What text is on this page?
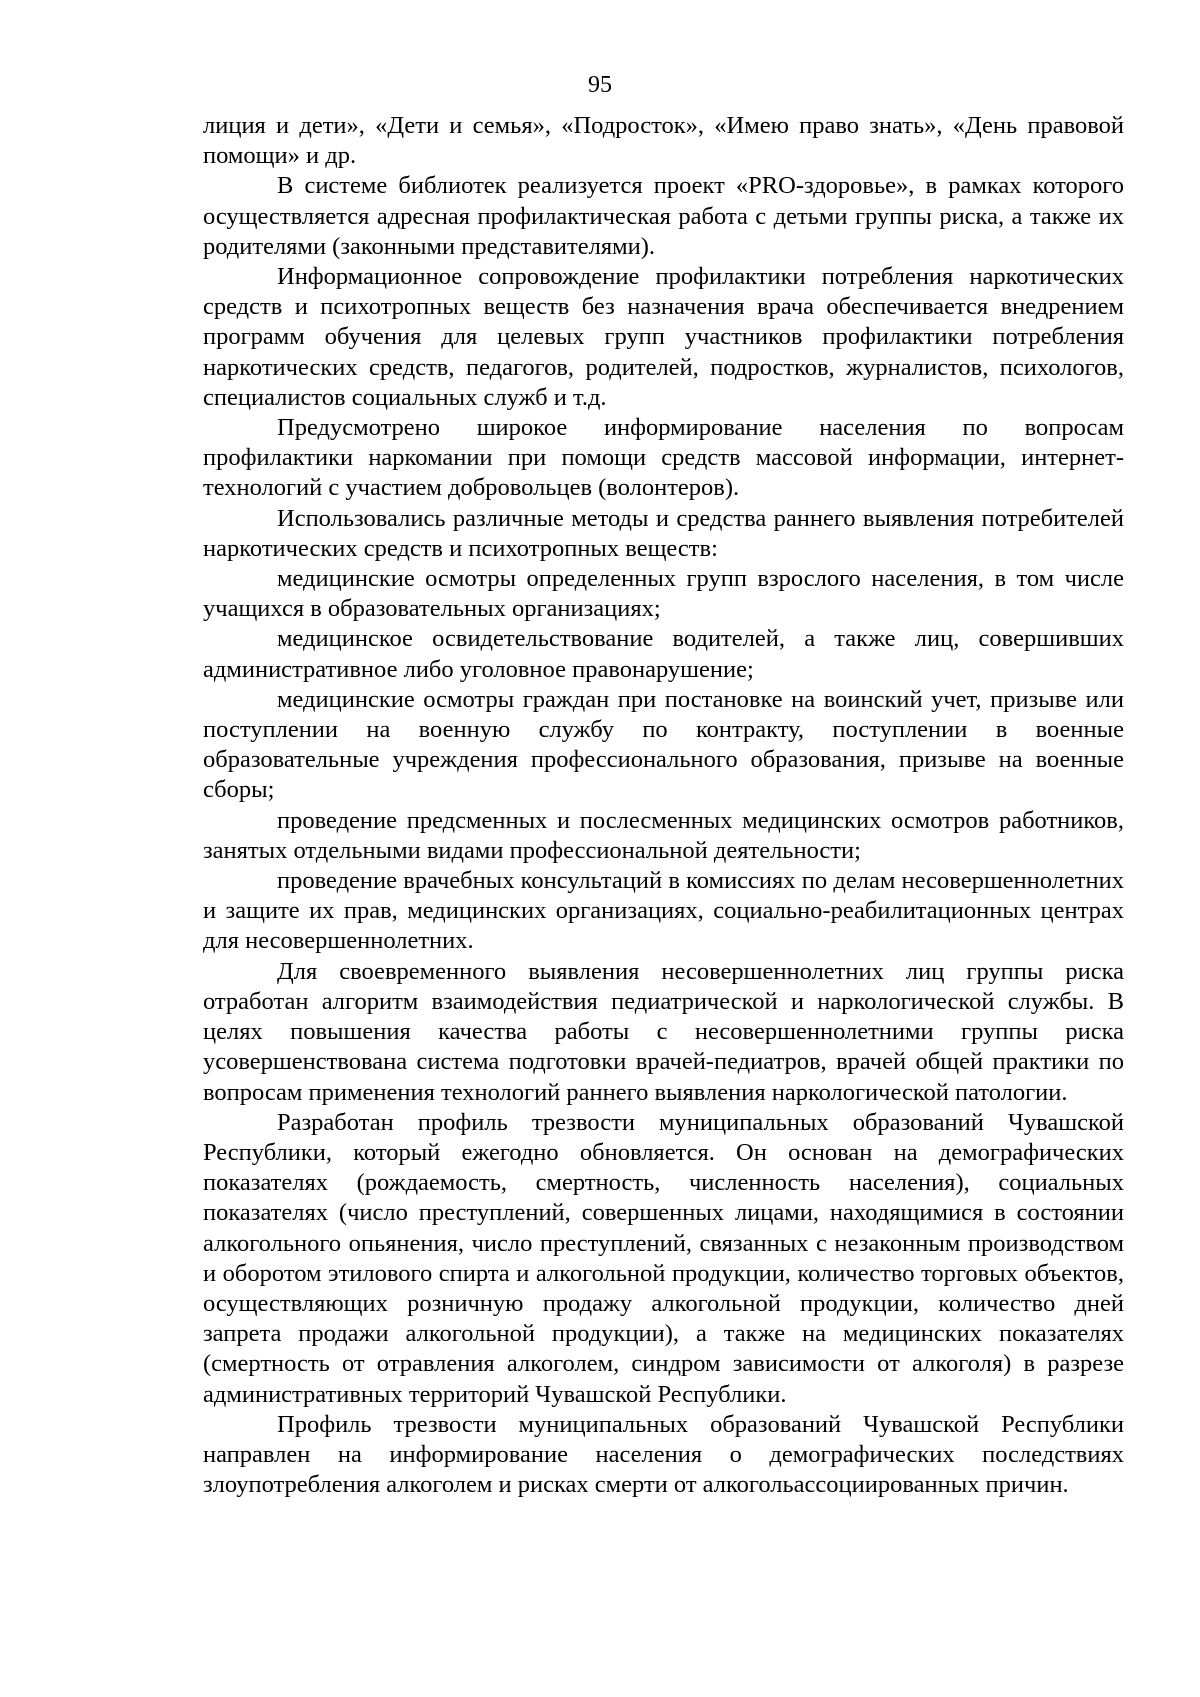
95

лиция и дети», «Дети и семья», «Подросток», «Имею право знать», «День правовой помощи» и др.

В системе библиотек реализуется проект «PRO-здоровье», в рамках которого осуществляется адресная профилактическая работа с детьми группы риска, а также их родителями (законными представителями).

Информационное сопровождение профилактики потребления наркотических средств и психотропных веществ без назначения врача обеспечивается внедрением программ обучения для целевых групп участников профилактики потребления наркотических средств, педагогов, родителей, подростков, журналистов, психологов, специалистов социальных служб и т.д.

Предусмотрено широкое информирование населения по вопросам профилактики наркомании при помощи средств массовой информации, интернет-технологий с участием добровольцев (волонтеров).

Использовались различные методы и средства раннего выявления потребителей наркотических средств и психотропных веществ:

медицинские осмотры определенных групп взрослого населения, в том числе учащихся в образовательных организациях;

медицинское освидетельствование водителей, а также лиц, совершивших административное либо уголовное правонарушение;

медицинские осмотры граждан при постановке на воинский учет, призыве или поступлении на военную службу по контракту, поступлении в военные образовательные учреждения профессионального образования, призыве на военные сборы;

проведение предсменных и послесменных медицинских осмотров работников, занятых отдельными видами профессиональной деятельности;

проведение врачебных консультаций в комиссиях по делам несовершеннолетних и защите их прав, медицинских организациях, социально-реабилитационных центрах для несовершеннолетних.

Для своевременного выявления несовершеннолетних лиц группы риска отработан алгоритм взаимодействия педиатрической и наркологической службы. В целях повышения качества работы с несовершеннолетними группы риска усовершенствована система подготовки врачей-педиатров, врачей общей практики по вопросам применения технологий раннего выявления наркологической патологии.

Разработан профиль трезвости муниципальных образований Чувашской Республики, который ежегодно обновляется. Он основан на демографических показателях (рождаемость, смертность, численность населения), социальных показателях (число преступлений, совершенных лицами, находящимися в состоянии алкогольного опьянения, число преступлений, связанных с незаконным производством и оборотом этилового спирта и алкогольной продукции, количество торговых объектов, осуществляющих розничную продажу алкогольной продукции, количество дней запрета продажи алкогольной продукции), а также на медицинских показателях (смертность от отравления алкоголем, синдром зависимости от алкоголя) в разрезе административных территорий Чувашской Республики.

Профиль трезвости муниципальных образований Чувашской Республики направлен на информирование населения о демографических последствиях злоупотребления алкоголем и рисках смерти от алкогольассоциированных причин.
